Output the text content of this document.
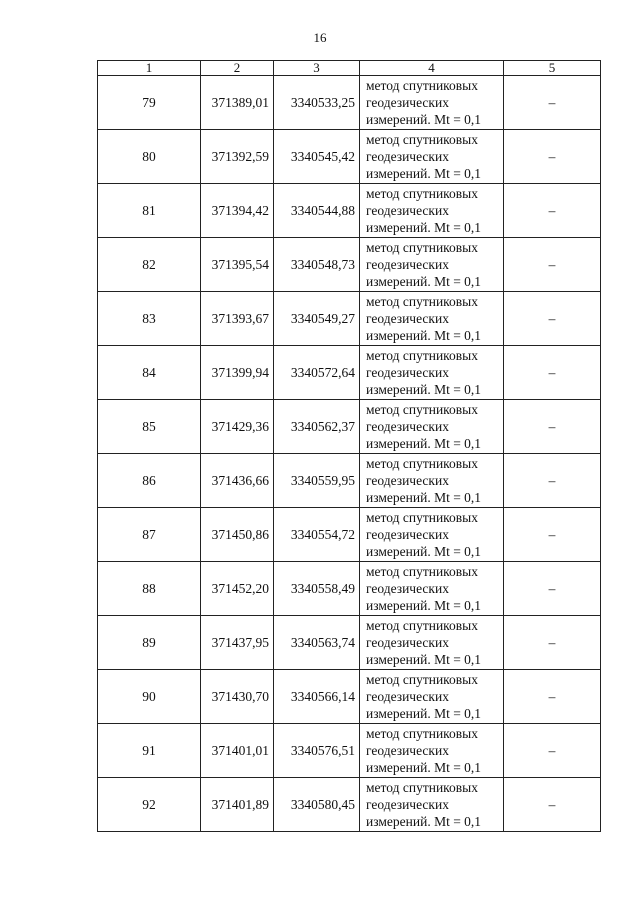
16
1	2	3	4	5
79	371389,01	3340533,25	метод спутниковых
геодезических
измерений. Mt = 0,1	–
80	371392,59	3340545,42	метод спутниковых
геодезических
измерений. Mt = 0,1	–
81	371394,42	3340544,88	метод спутниковых
геодезических
измерений. Mt = 0,1	–
82	371395,54	3340548,73	метод спутниковых
геодезических
измерений. Mt = 0,1	–
83	371393,67	3340549,27	метод спутниковых
геодезических
измерений. Mt = 0,1	–
84	371399,94	3340572,64	метод спутниковых
геодезических
измерений. Mt = 0,1	–
85	371429,36	3340562,37	метод спутниковых
геодезических
измерений. Mt = 0,1	–
86	371436,66	3340559,95	метод спутниковых
геодезических
измерений. Mt = 0,1	–
87	371450,86	3340554,72	метод спутниковых
геодезических
измерений. Mt = 0,1	–
88	371452,20	3340558,49	метод спутниковых
геодезических
измерений. Mt = 0,1	–
89	371437,95	3340563,74	метод спутниковых
геодезических
измерений. Mt = 0,1	–
90	371430,70	3340566,14	метод спутниковых
геодезических
измерений. Mt = 0,1	–
91	371401,01	3340576,51	метод спутниковых
геодезических
измерений. Mt = 0,1	–
92	371401,89	3340580,45	метод спутниковых
геодезических
измерений. Mt = 0,1	–
